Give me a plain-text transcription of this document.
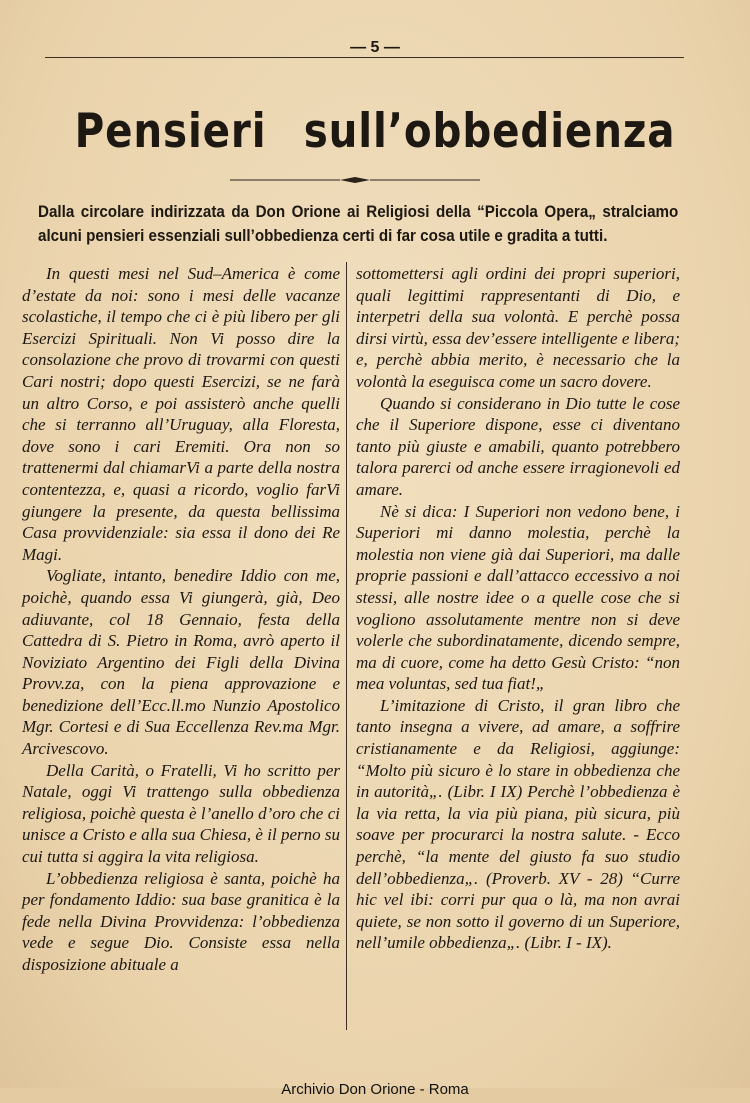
— 5 —
Pensieri sull’obbedienza
Dalla circolare indirizzata da Don Orione ai Religiosi della “Piccola Opera„ stralciamo alcuni pensieri essenziali sull’obbedienza certi di far cosa utile e gradita a tutti.

In questi mesi nel Sud–America è come d’estate da noi: sono i mesi delle vacanze scolastiche, il tempo che ci è più libero per gli Esercizi Spirituali. Non Vi posso dire la consolazione che provo di trovarmi con questi Cari nostri; dopo questi Esercizi, se ne farà un altro Corso, e poi assisterò anche quelli che si terranno all’Uruguay, alla Floresta, dove sono i cari Eremiti. Ora non so trattenermi dal chiamarVi a parte della nostra contentezza, e, quasi a ricordo, voglio farVi giungere la presente, da questa bellissima Casa provvidenziale: sia essa il dono dei Re Magi.

Vogliate, intanto, benedire Iddio con me, poichè, quando essa Vi giungerà, già, Deo adiuvante, col 18 Gennaio, festa della Cattedra di S. Pietro in Roma, avrò aperto il Noviziato Argentino dei Figli della Divina Provv.za, con la piena approvazione e benedizione dell’Ecc.ll.mo Nunzio Apostolico Mgr. Cortesi e di Sua Eccellenza Rev.ma Mgr. Arcivescovo.

Della Carità, o Fratelli, Vi ho scritto per Natale, oggi Vi trattengo sulla obbedienza religiosa, poichè questa è l’anello d’oro che ci unisce a Cristo e alla sua Chiesa, è il perno su cui tutta si aggira la vita religiosa.

L’obbedienza religiosa è santa, poichè ha per fondamento Iddio: sua base granitica è la fede nella Divina Provvidenza: l’obbedienza vede e segue Dio. Consiste essa nella disposizione abituale a

sottomettersi agli ordini dei propri superiori, quali legittimi rappresentanti di Dio, e interpetri della sua volontà. E perchè possa dirsi virtù, essa dev’essere intelligente e libera; e, perchè abbia merito, è necessario che la volontà la eseguisca come un sacro dovere.

Quando si considerano in Dio tutte le cose che il Superiore dispone, esse ci diventano tanto più giuste e amabili, quanto potrebbero talora parerci od anche essere irragionevoli ed amare.

Nè si dica: I Superiori non vedono bene, i Superiori mi danno molestia, perchè la molestia non viene già dai Superiori, ma dalle proprie passioni e dall’attacco eccessivo a noi stessi, alle nostre idee o a quelle cose che si vogliono assolutamente mentre non si deve volerle che subordinatamente, dicendo sempre, ma di cuore, come ha detto Gesù Cristo: “non mea voluntas, sed tua fiat!„

L’imitazione di Cristo, il gran libro che tanto insegna a vivere, ad amare, a soffrire cristianamente e da Religiosi, aggiunge: “Molto più sicuro è lo stare in obbedienza che in autorità„. (Libr. I IX) Perchè l’obbedienza è la via retta, la via più piana, più sicura, più soave per procurarci la nostra salute. - Ecco perchè, “la mente del giusto fa suo studio dell’obbedienza„. (Proverb. XV - 28) “Curre hic vel ibi: corri pur qua o là, ma non avrai quiete, se non sotto il governo di un Superiore, nell’umile obbedienza„. (Libr. I - IX).

Archivio Don Orione - Roma
